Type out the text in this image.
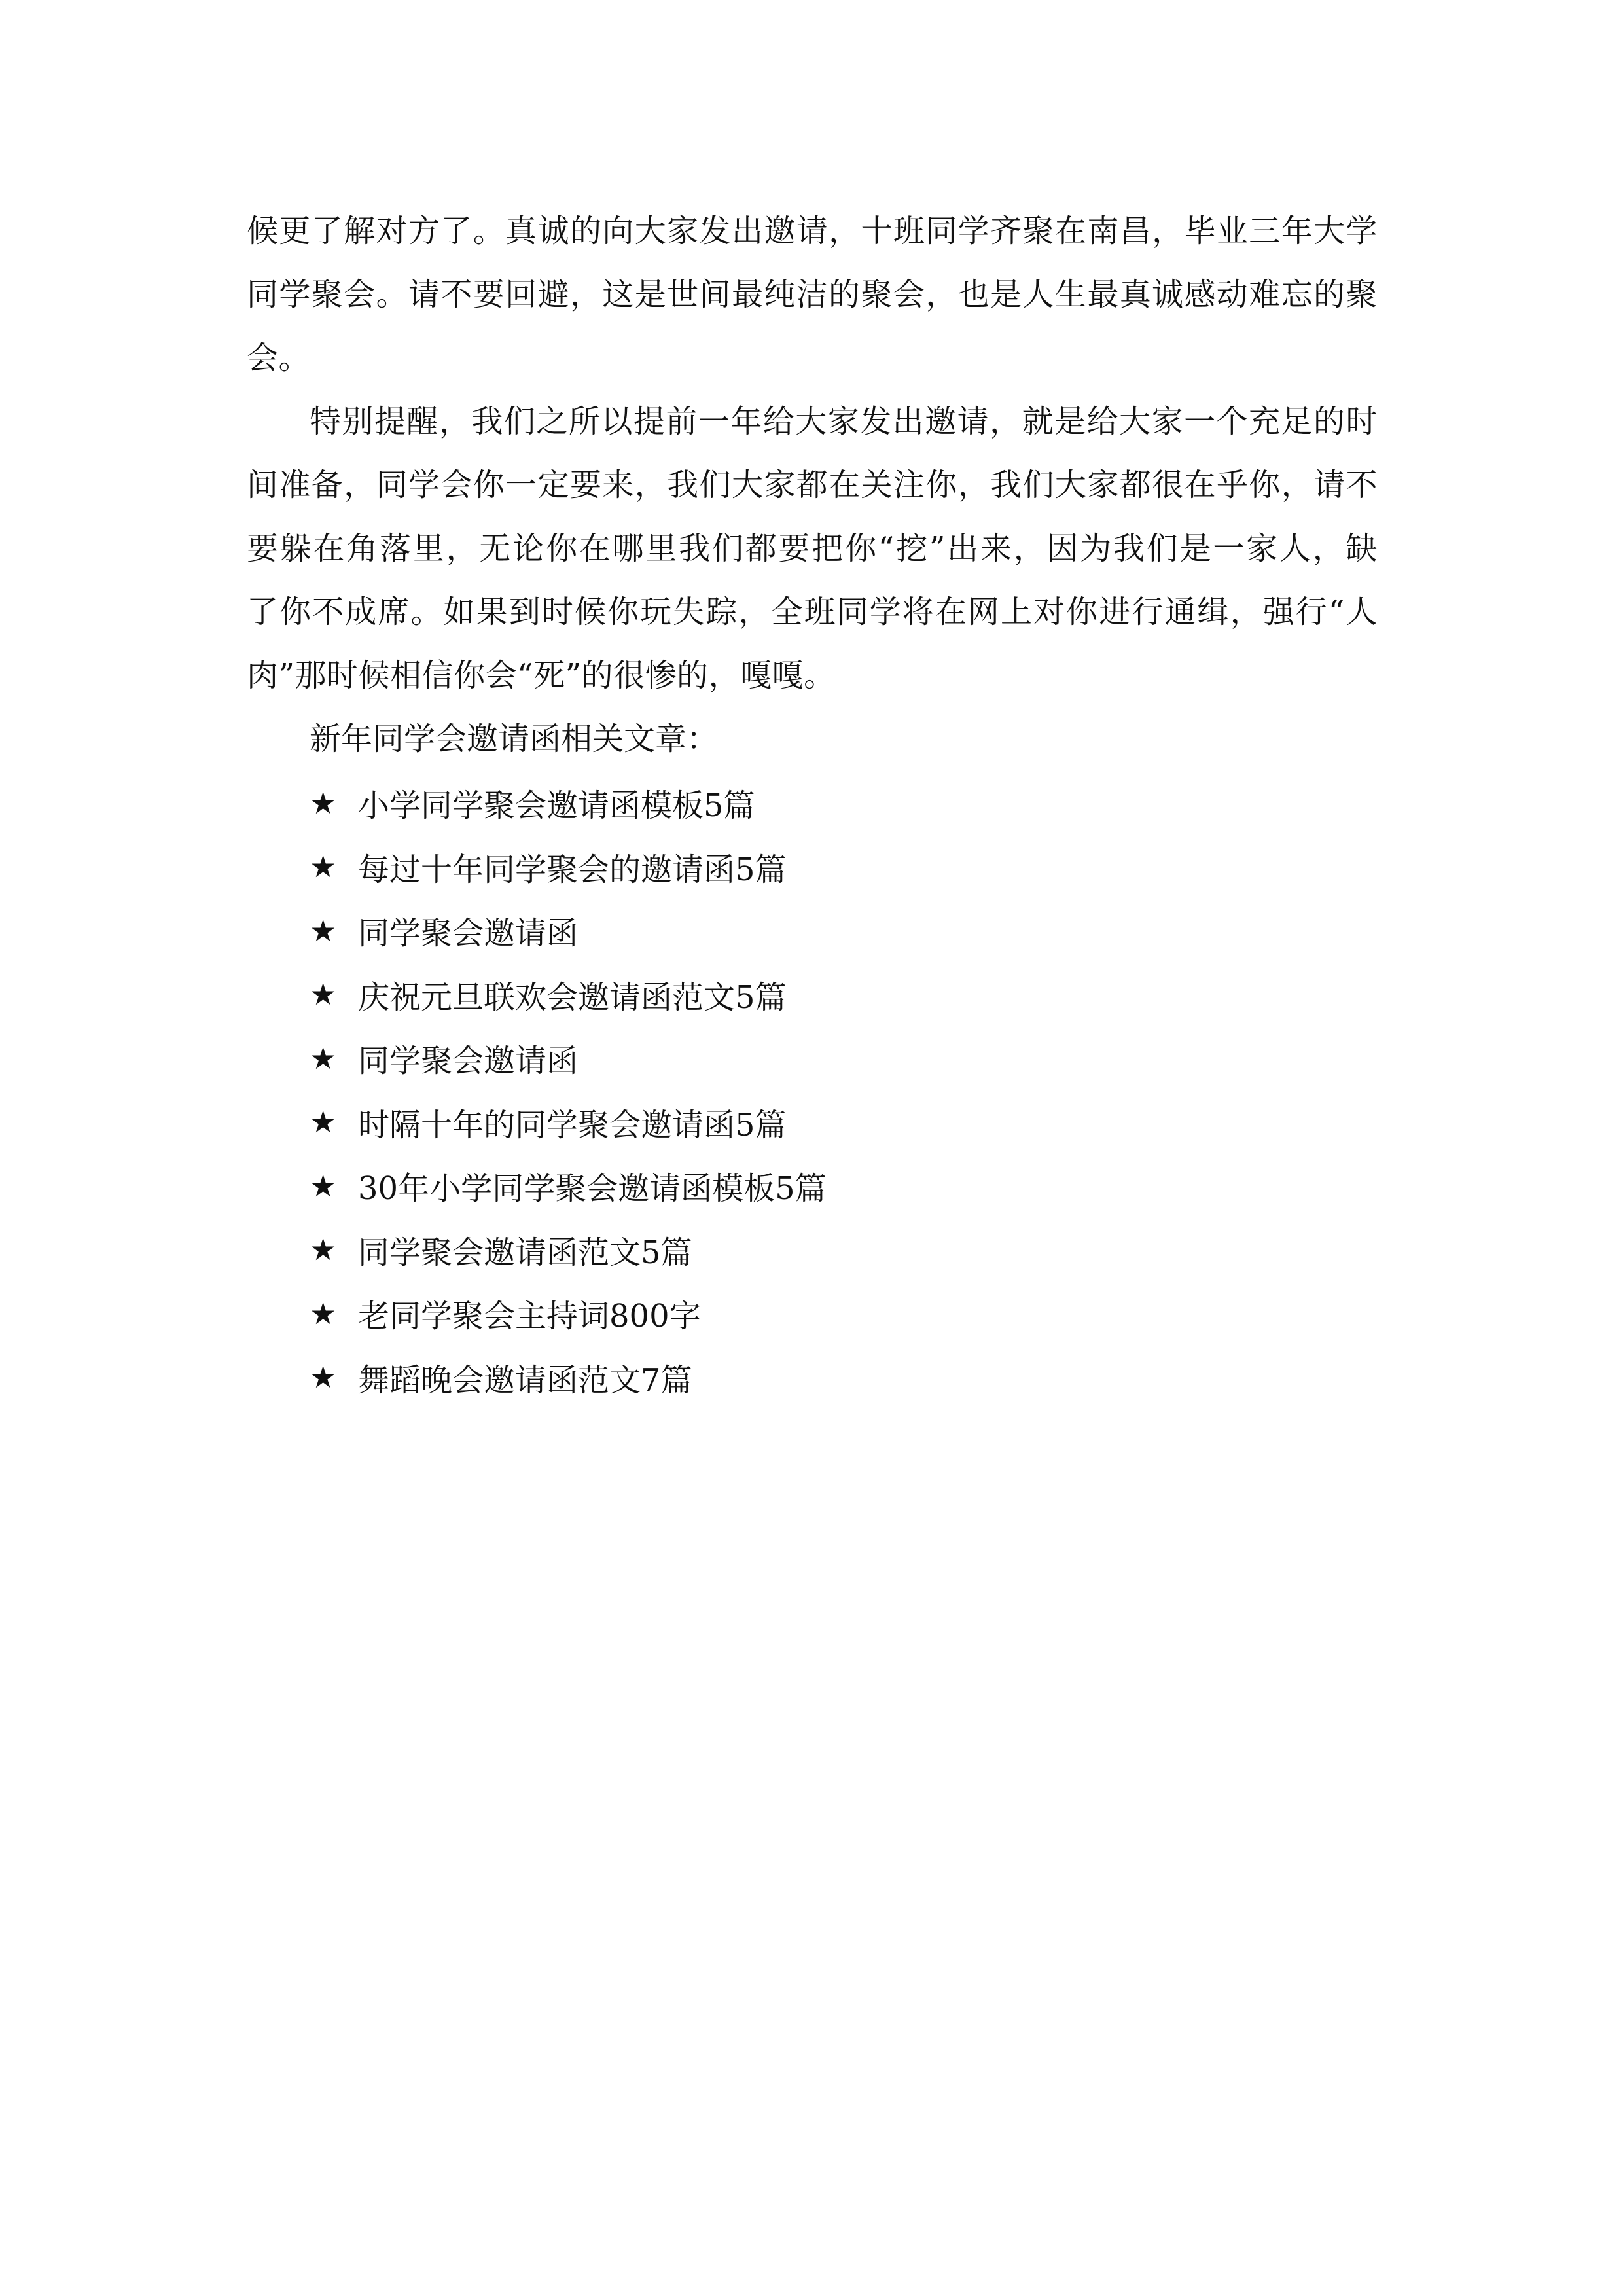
候更了解对方了。真诚的向大家发出邀请，十班同学齐聚在南昌，毕业三年大学
同学聚会。请不要回避，这是世间最纯洁的聚会，也是人生最真诚感动难忘的聚
会。
特别提醒，我们之所以提前一年给大家发出邀请，就是给大家一个充足的时
间准备，同学会你一定要来，我们大家都在关注你，我们大家都很在乎你，请不
要躲在角落里，无论你在哪里我们都要把你“挖”出来，因为我们是一家人，缺
了你不成席。如果到时候你玩失踪，全班同学将在网上对你进行通缉，强行“人
肉”那时候相信你会“死”的很惨的，嘎嘎。
新年同学会邀请函相关文章：
★ 小学同学聚会邀请函模板5篇
★ 每过十年同学聚会的邀请函5篇
★ 同学聚会邀请函
★ 庆祝元旦联欢会邀请函范文5篇
★ 同学聚会邀请函
★ 时隔十年的同学聚会邀请函5篇
★ 30年小学同学聚会邀请函模板5篇
★ 同学聚会邀请函范文5篇
★ 老同学聚会主持词800字
★ 舞蹈晚会邀请函范文7篇
